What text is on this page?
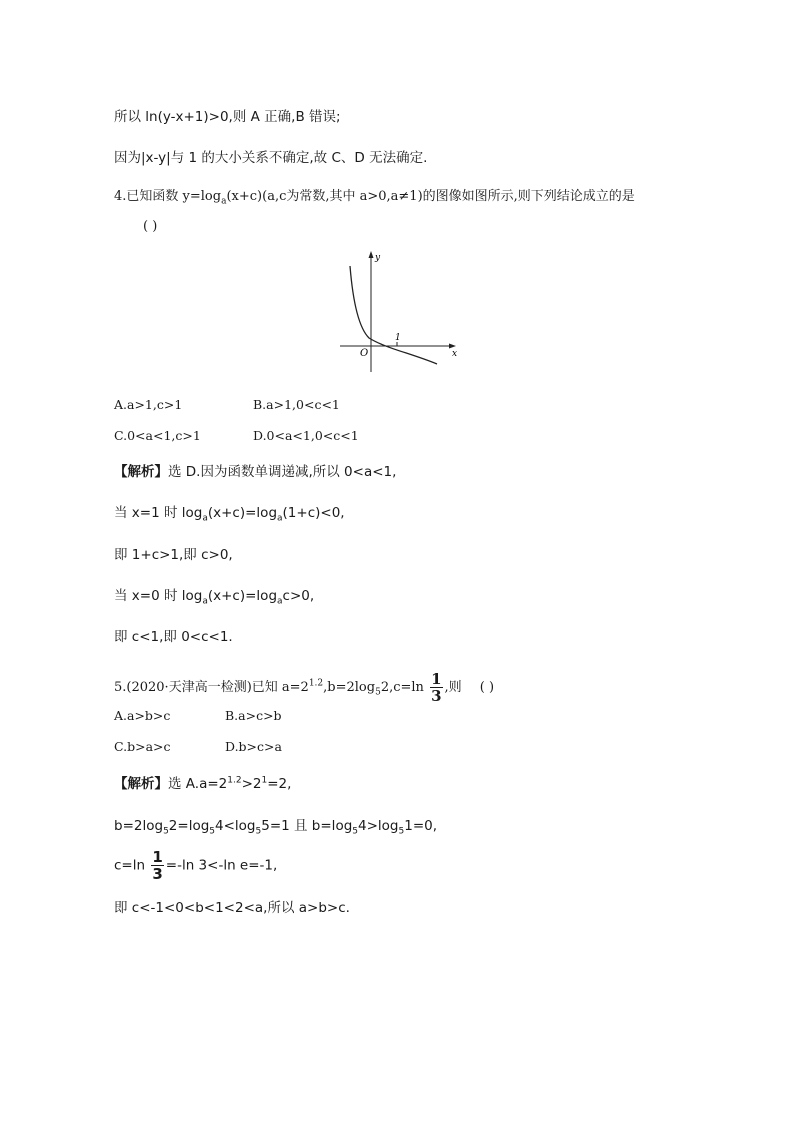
所以 ln(y-x+1)>0,则 A 正确,B 错误;
因为|x-y|与 1 的大小关系不确定,故 C、D 无法确定.
4.已知函数 $y=\log_a(x+c)(a,c$为常数,其中 a>0,a≠1)的图像如图所示,则下列结论成立的是
( )
1
y
x
O
A.a>1,c>1	B.a>1,0<c<1
C.0<a<1,c>1	D.0<a<1,0<c<1
【解析】选 D.因为函数单调递减,所以 0<a<1,
当 x=1 时 $\log_a(x+c)=\log_a(1+c)<0$,
即 1+c>1,即 c>0,
当 x=0 时 $\log_a(x+c)=\log_ac>0$,
即 c<1,即 0<c<1.
5.(2020·天津高一检测)已知 $a=2^{1.2},b=2\log_52,c=\ln \frac{1}{3}$ ,则 ( )
A.a>b>c	B.a>c>b
C.b>a>c	D.b>c>a
【解析】选 $A.a=2^{1.2}>2^1=2$,
$b=2\log_52=\log_54<\log_55=1$ 且 $b=\log_54>\log_51=0$,
$c=\ln \frac{1}{3} =-\ln$ 3<-ln e=-1,
即 c<-1<0<b<1<2<a,所以 a>b>c.
